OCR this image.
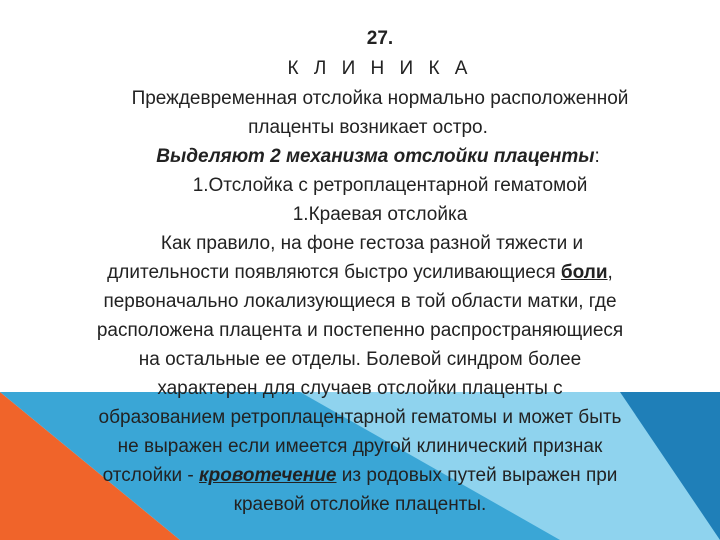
27.
К Л И Н И К А
Преждевременная отслойка нормально расположенной
плаценты возникает остро.
Выделяют 2 механизма отслойки плаценты:
1.Отслойка с ретроплацентарной гематомой
1.Краевая отслойка
Как правило, на фоне гестоза разной тяжести и
длительности появляются быстро усиливающиеся боли,
первоначально локализующиеся в той области матки, где
расположена плацента и постепенно распространяющиеся
на остальные ее отделы. Болевой синдром более
характерен для случаев отслойки плаценты с
образованием ретроплацентарной гематомы и может быть
не выражен если имеется другой клинический признак
отслойки - кровотечение из родовых путей выражен при
краевой отслойке плаценты.
